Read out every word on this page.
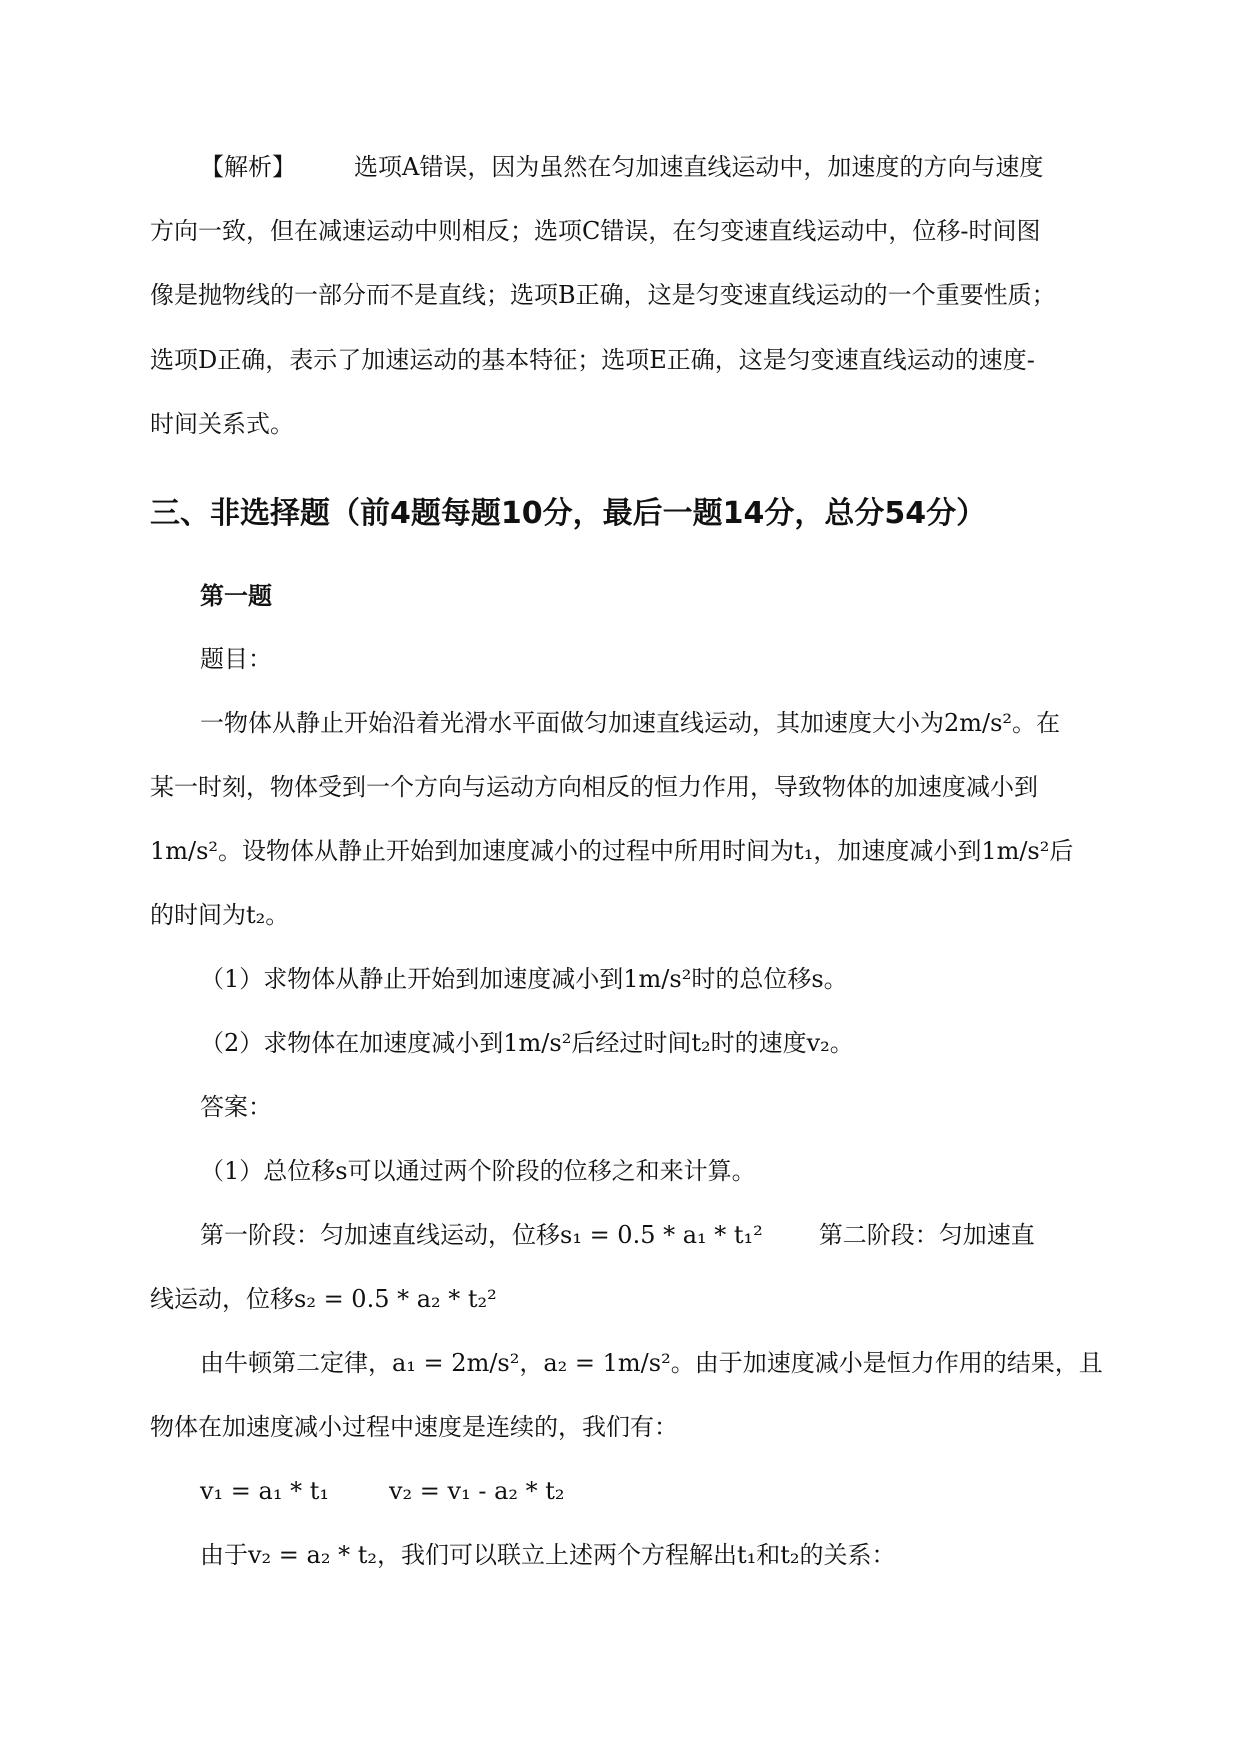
【解析】 选项A错误，因为虽然在匀加速直线运动中，加速度的方向与速度
方向一致，但在减速运动中则相反；选项C错误，在匀变速直线运动中，位移-时间图
像是抛物线的一部分而不是直线；选项B正确，这是匀变速直线运动的一个重要性质；
选项D正确，表示了加速运动的基本特征；选项E正确，这是匀变速直线运动的速度-
时间关系式。
三、非选择题（前4题每题10分，最后一题14分，总分54分）
第一题
题目：
一物体从静止开始沿着光滑水平面做匀加速直线运动，其加速度大小为2m/s²。在
某一时刻，物体受到一个方向与运动方向相反的恒力作用，导致物体的加速度减小到
1m/s²。设物体从静止开始到加速度减小的过程中所用时间为t₁，加速度减小到1m/s²后
的时间为t₂。
（1）求物体从静止开始到加速度减小到1m/s²时的总位移s。
（2）求物体在加速度减小到1m/s²后经过时间t₂时的速度v₂。
答案：
（1）总位移s可以通过两个阶段的位移之和来计算。
第一阶段：匀加速直线运动，位移s₁ = 0.5 * a₁ * t₁² 第二阶段：匀加速直
线运动，位移s₂ = 0.5 * a₂ * t₂²
由牛顿第二定律，a₁ = 2m/s²，a₂ = 1m/s²。由于加速度减小是恒力作用的结果，且
物体在加速度减小过程中速度是连续的，我们有：
v₁ = a₁ * t₁	v₂ = v₁ - a₂ * t₂
由于v₂ = a₂ * t₂，我们可以联立上述两个方程解出t₁和t₂的关系：
